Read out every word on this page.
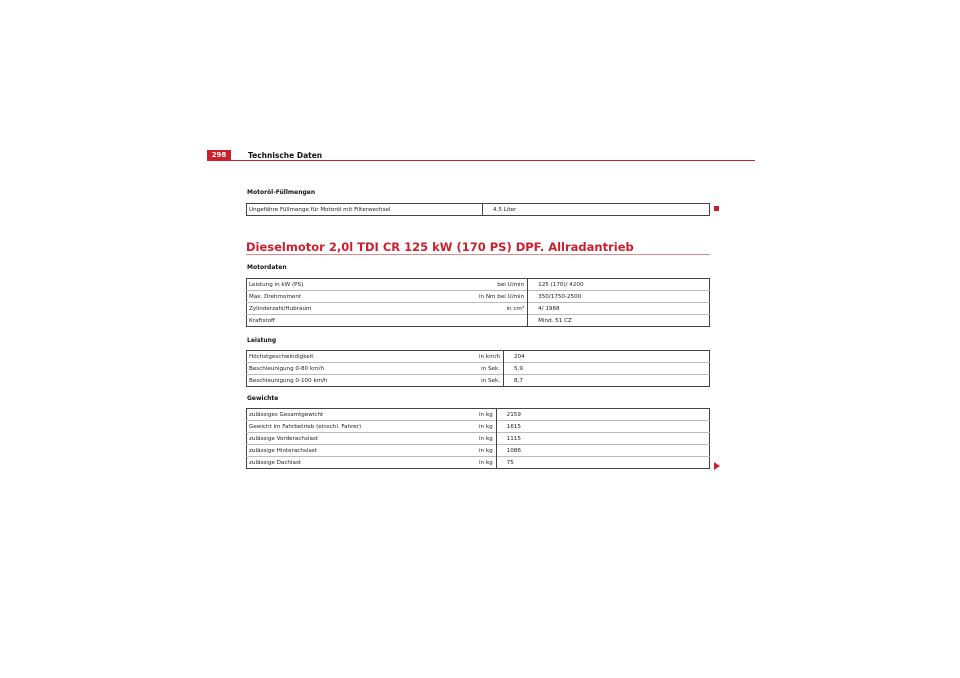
298	Technische Daten
Motoröl-Füllmengen
Ungefähre Füllmenge für Motoröl mit Filterwechsel		4,5 Liter
Dieselmotor 2,0l TDI CR 125 kW (170 PS) DPF. Allradantrieb
Motordaten
Leistung in kW (PS)	bei U/min	125 (170)/ 4200
Max. Drehmoment	in Nm bei U/min	350/1750-2500
Zylinderzahl/Hubraum	in cm³	4/ 1968
Kraftstoff		Mind. 51 CZ
Leistung
Höchstgeschwindigkeit	in km/h	204
Beschleunigung 0-80 km/h	in Sek.	5,9
Beschleunigung 0-100 km/h	in Sek.	8,7
Gewichte
zulässiges Gesamtgewicht	in kg	2159
Gewicht im Fahrbetrieb (einschl. Fahrer)	in kg	1615
zulässige Vorderachslast	in kg	1115
zulässige Hinterachslast	in kg	1086
zulässige Dachlast	in kg	75
